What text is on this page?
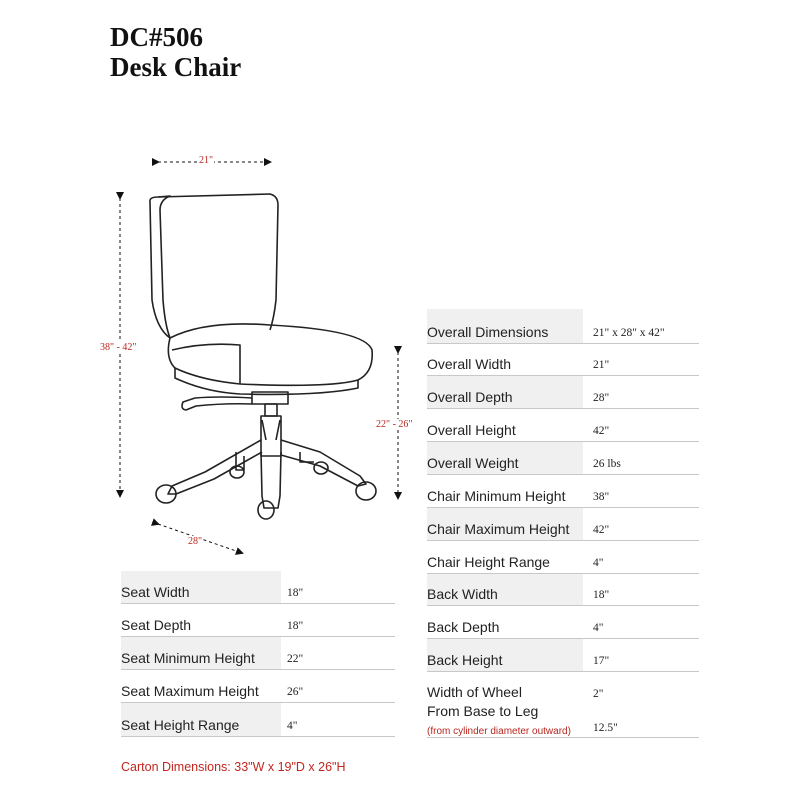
DC#506
Desk Chair
21"
38" - 42"
22" - 26"
28"
Overall Dimensions	21" x 28" x 42"
Overall Width	21"
Overall Depth	28"
Overall Height	42"
Overall Weight	26 lbs
Chair Minimum Height 38"
Chair Maximum Height 42"
Chair Height Range	4"
Back Width	18"
Back Depth	4"
Back Height	17"
Width of Wheel	2"
From Base to Leg
(from cylinder diameter outward) 12.5"
Seat Width	18"
Seat Depth	18"
Seat Minimum Height	22"
Seat Maximum Height 26"
Seat Height Range	4"
Carton Dimensions: 33"W x 19"D x 26"H
